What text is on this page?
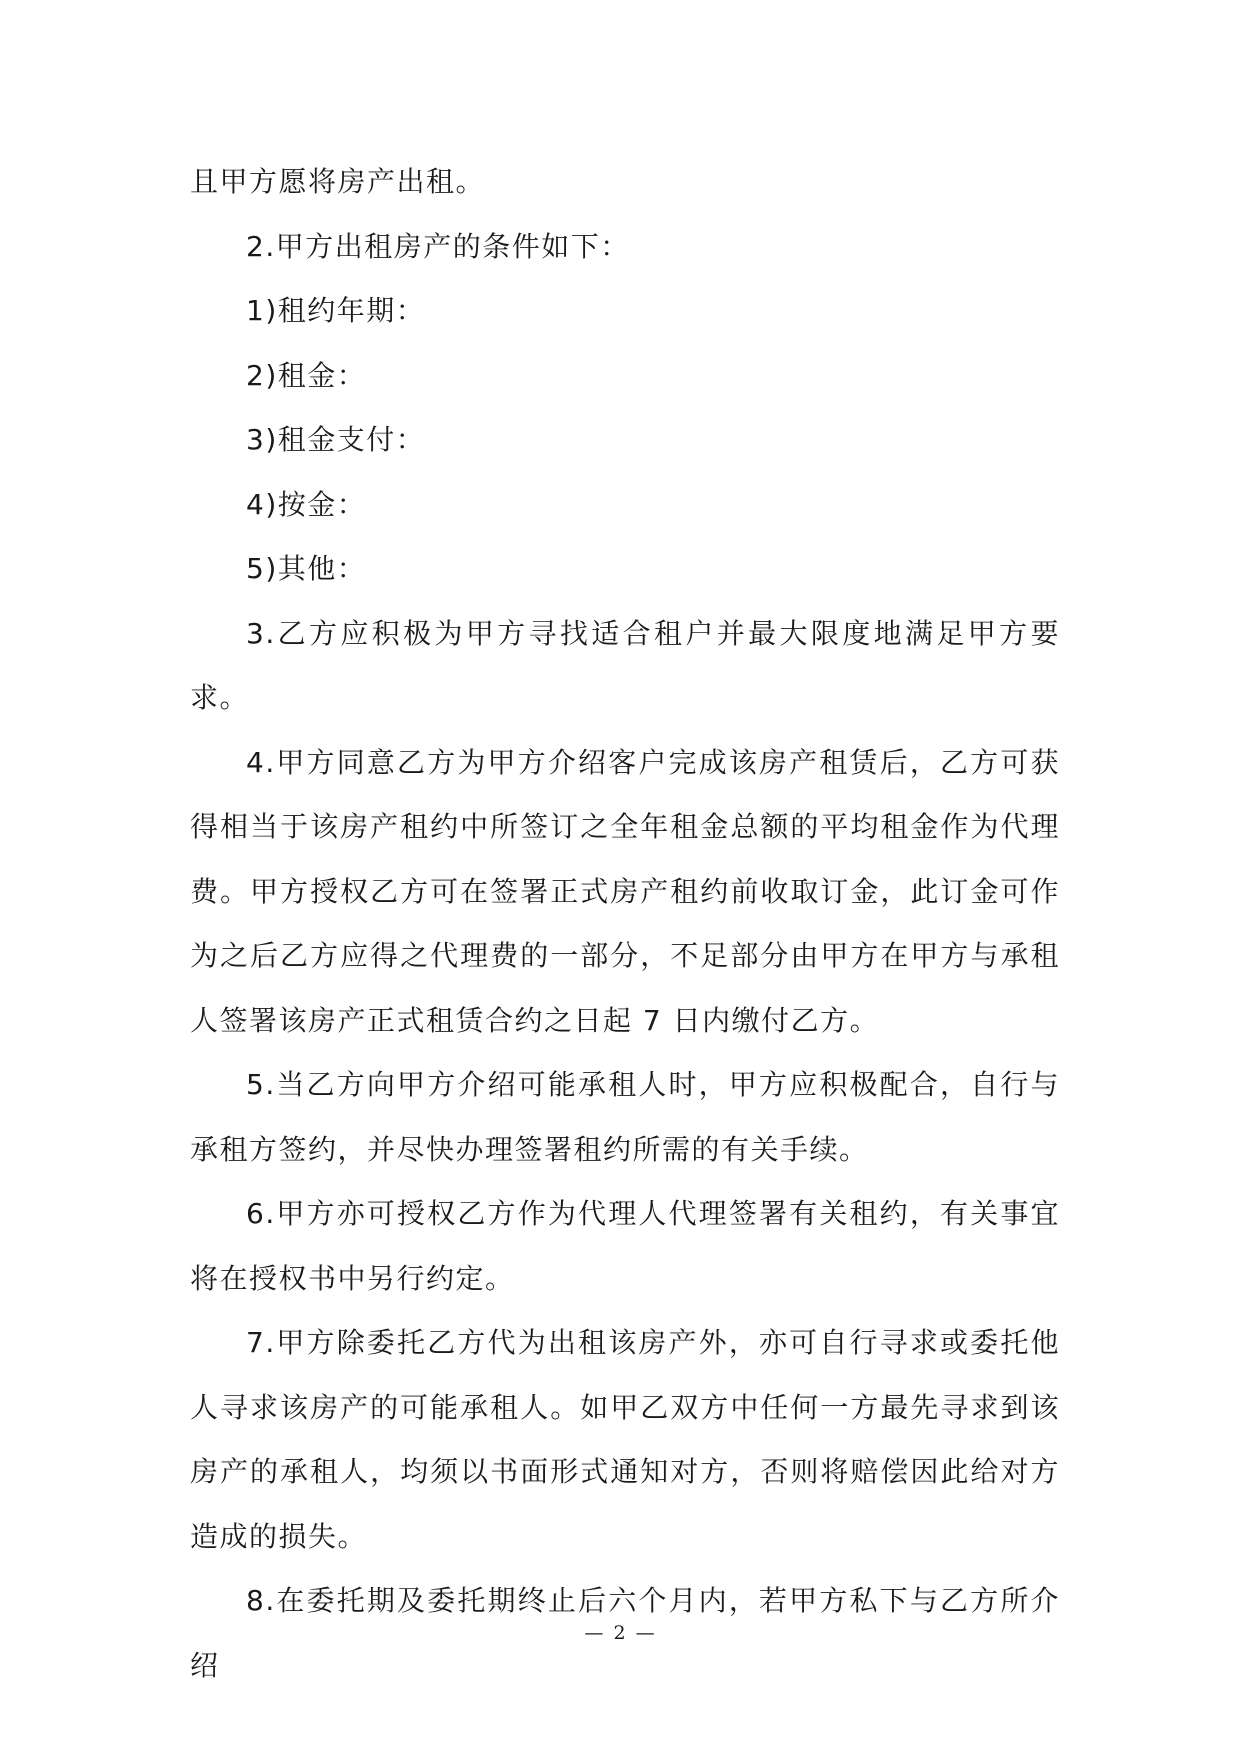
且甲方愿将房产出租。

2.甲方出租房产的条件如下：

1)租约年期：

2)租金：

3)租金支付：

4)按金：

5)其他：

3.乙方应积极为甲方寻找适合租户并最大限度地满足甲方要求。

4.甲方同意乙方为甲方介绍客户完成该房产租赁后，乙方可获得相当于该房产租约中所签订之全年租金总额的平均租金作为代理费。甲方授权乙方可在签署正式房产租约前收取订金，此订金可作为之后乙方应得之代理费的一部分，不足部分由甲方在甲方与承租人签署该房产正式租赁合约之日起 7 日内缴付乙方。

5.当乙方向甲方介绍可能承租人时，甲方应积极配合，自行与承租方签约，并尽快办理签署租约所需的有关手续。

6.甲方亦可授权乙方作为代理人代理签署有关租约，有关事宜将在授权书中另行约定。

7.甲方除委托乙方代为出租该房产外，亦可自行寻求或委托他人寻求该房产的可能承租人。如甲乙双方中任何一方最先寻求到该房产的承租人，均须以书面形式通知对方，否则将赔偿因此给对方造成的损失。

8.在委托期及委托期终止后六个月内，若甲方私下与乙方所介绍

— 2 —
